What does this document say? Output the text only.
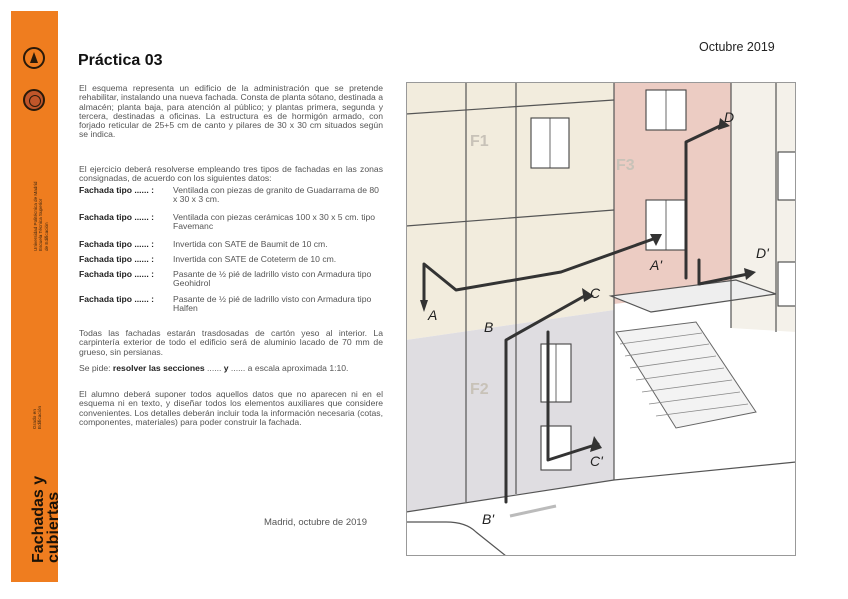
Universidad Politécnica de Madrid Escuela Técnica Superior de Edificación
Grado en Edificación
Fachadas y
cubiertas
Octubre 2019
Práctica 03
El esquema representa un edificio de la administración que se pretende rehabilitar, instalando una nueva fachada. Consta de planta sótano, destinada a almacén; planta baja, para atención al público; y plantas primera, segunda y tercera, destinadas a oficinas. La estructura es de hormigón armado, con forjado reticular de 25+5 cm de canto y pilares de 30 x 30 cm situados según se indica.
El ejercicio deberá resolverse empleando tres tipos de fachadas en las zonas consignadas, de acuerdo con los siguientes datos:
Fachada tipo ...... : Ventilada con piezas de granito de Guadarrama de 80 x 30 x 3 cm.
Fachada tipo ...... : Ventilada con piezas cerámicas 100 x 30 x 5 cm. tipo Favemanc
Fachada tipo ...... : Invertida con SATE de Baumit de 10 cm.
Fachada tipo ...... : Invertida con SATE de Coteterm de 10 cm.
Fachada tipo ...... : Pasante de ½ pié de ladrillo visto con Armadura tipo Geohidrol
Fachada tipo ...... : Pasante de ½ pié de ladrillo visto con Armadura tipo Halfen
Todas las fachadas estarán trasdosadas de cartón yeso al interior. La carpintería exterior de todo el edificio será de aluminio lacado de 70 mm de grueso, sin persianas.
Se pide: resolver las secciones ...... y ...... a escala aproximada 1:10.
El alumno deberá suponer todos aquellos datos que no aparecen ni en el esquema ni en texto, y diseñar todos los elementos auxiliares que considere convenientes. Los detalles deberán incluir toda la información necesaria (cotas, componentes, materiales) para poder construir la fachada.
Madrid, octubre de 2019
F1
F2
F3
A
A'
B
B'
C
C'
D
D'
